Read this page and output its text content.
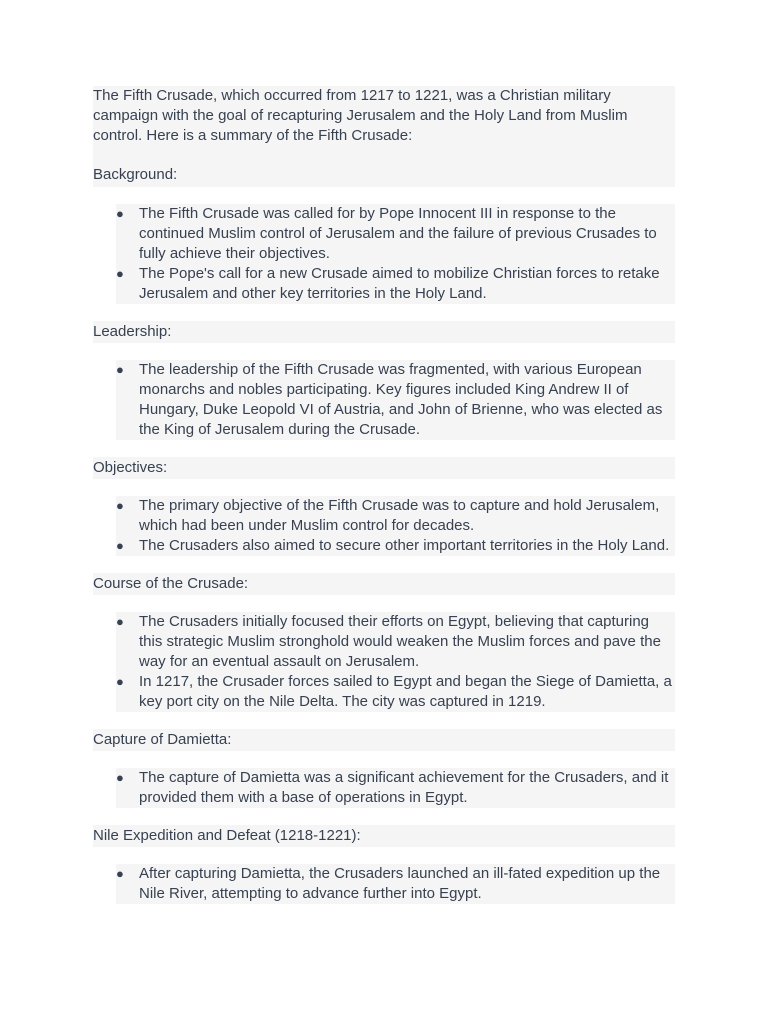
The Fifth Crusade, which occurred from 1217 to 1221, was a Christian military campaign with the goal of recapturing Jerusalem and the Holy Land from Muslim control. Here is a summary of the Fifth Crusade:

Background:

● The Fifth Crusade was called for by Pope Innocent III in response to the continued Muslim control of Jerusalem and the failure of previous Crusades to fully achieve their objectives.
● The Pope's call for a new Crusade aimed to mobilize Christian forces to retake Jerusalem and other key territories in the Holy Land.

Leadership:

● The leadership of the Fifth Crusade was fragmented, with various European monarchs and nobles participating. Key figures included King Andrew II of Hungary, Duke Leopold VI of Austria, and John of Brienne, who was elected as the King of Jerusalem during the Crusade.

Objectives:

● The primary objective of the Fifth Crusade was to capture and hold Jerusalem, which had been under Muslim control for decades.
● The Crusaders also aimed to secure other important territories in the Holy Land.

Course of the Crusade:

● The Crusaders initially focused their efforts on Egypt, believing that capturing this strategic Muslim stronghold would weaken the Muslim forces and pave the way for an eventual assault on Jerusalem.
● In 1217, the Crusader forces sailed to Egypt and began the Siege of Damietta, a key port city on the Nile Delta. The city was captured in 1219.

Capture of Damietta:

● The capture of Damietta was a significant achievement for the Crusaders, and it provided them with a base of operations in Egypt.

Nile Expedition and Defeat (1218-1221):

● After capturing Damietta, the Crusaders launched an ill-fated expedition up the Nile River, attempting to advance further into Egypt.
